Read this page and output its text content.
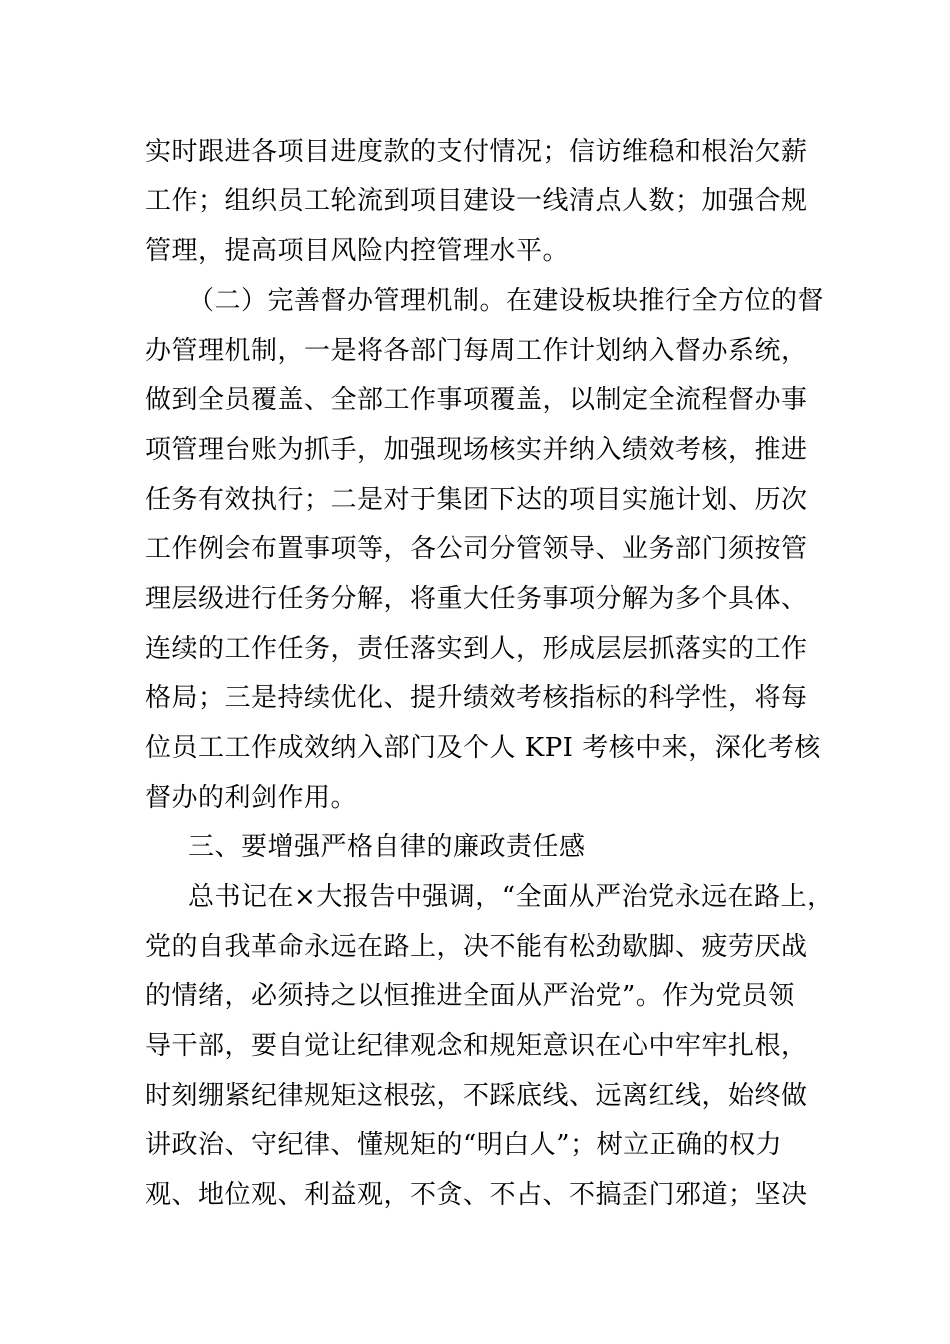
实时跟进各项目进度款的支付情况；信访维稳和根治欠薪
工作；组织员工轮流到项目建设一线清点人数；加强合规
管理，提高项目风险内控管理水平。
（二）完善督办管理机制。在建设板块推行全方位的督
办管理机制，一是将各部门每周工作计划纳入督办系统，
做到全员覆盖、全部工作事项覆盖，以制定全流程督办事
项管理台账为抓手，加强现场核实并纳入绩效考核，推进
任务有效执行；二是对于集团下达的项目实施计划、历次
工作例会布置事项等，各公司分管领导、业务部门须按管
理层级进行任务分解，将重大任务事项分解为多个具体、
连续的工作任务，责任落实到人，形成层层抓落实的工作
格局；三是持续优化、提升绩效考核指标的科学性，将每
位员工工作成效纳入部门及个人 KPI 考核中来，深化考核
督办的利剑作用。
三、要增强严格自律的廉政责任感
总书记在×大报告中强调，“全面从严治党永远在路上，
党的自我革命永远在路上，决不能有松劲歇脚、疲劳厌战
的情绪，必须持之以恒推进全面从严治党”。作为党员领
导干部，要自觉让纪律观念和规矩意识在心中牢牢扎根，
时刻绷紧纪律规矩这根弦，不踩底线、远离红线，始终做
讲政治、守纪律、懂规矩的“明白人”；树立正确的权力
观、地位观、利益观，不贪、不占、不搞歪门邪道；坚决
